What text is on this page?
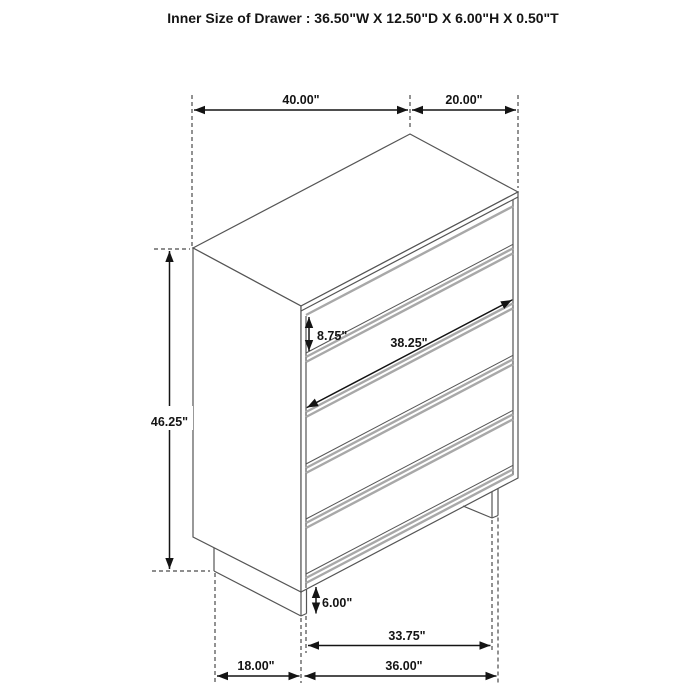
Inner Size of Drawer : 36.50"W X 12.50"D X 6.00"H X 0.50"T
40.00"	20.00"
46.25"
8.75"	38.25"
6.00"
33.75"
18.00"	36.00"
